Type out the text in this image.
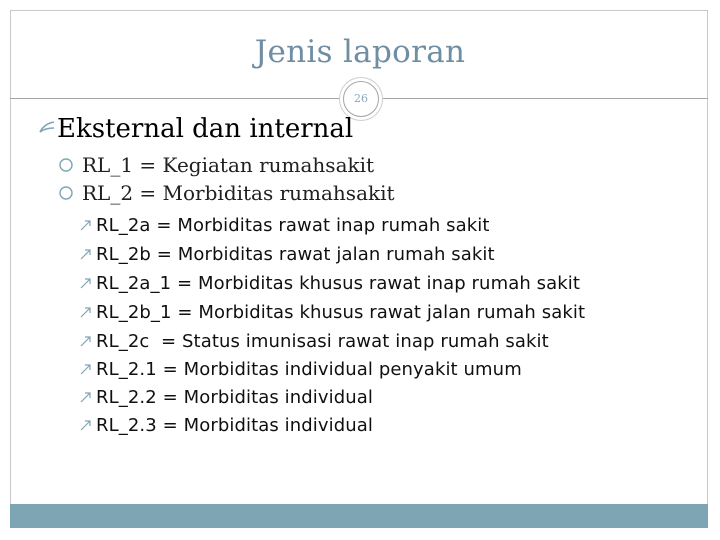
Jenis laporan
26
Eksternal dan internal
RL_1 = Kegiatan rumahsakit
RL_2 = Morbiditas rumahsakit
RL_2a = Morbiditas rawat inap rumah sakit
RL_2b = Morbiditas rawat jalan rumah sakit
RL_2a_1 = Morbiditas khusus rawat inap rumah sakit
RL_2b_1 = Morbiditas khusus rawat jalan rumah sakit
RL_2c  = Status imunisasi rawat inap rumah sakit
RL_2.1 = Morbiditas individual penyakit umum
RL_2.2 = Morbiditas individual
RL_2.3 = Morbiditas individual
